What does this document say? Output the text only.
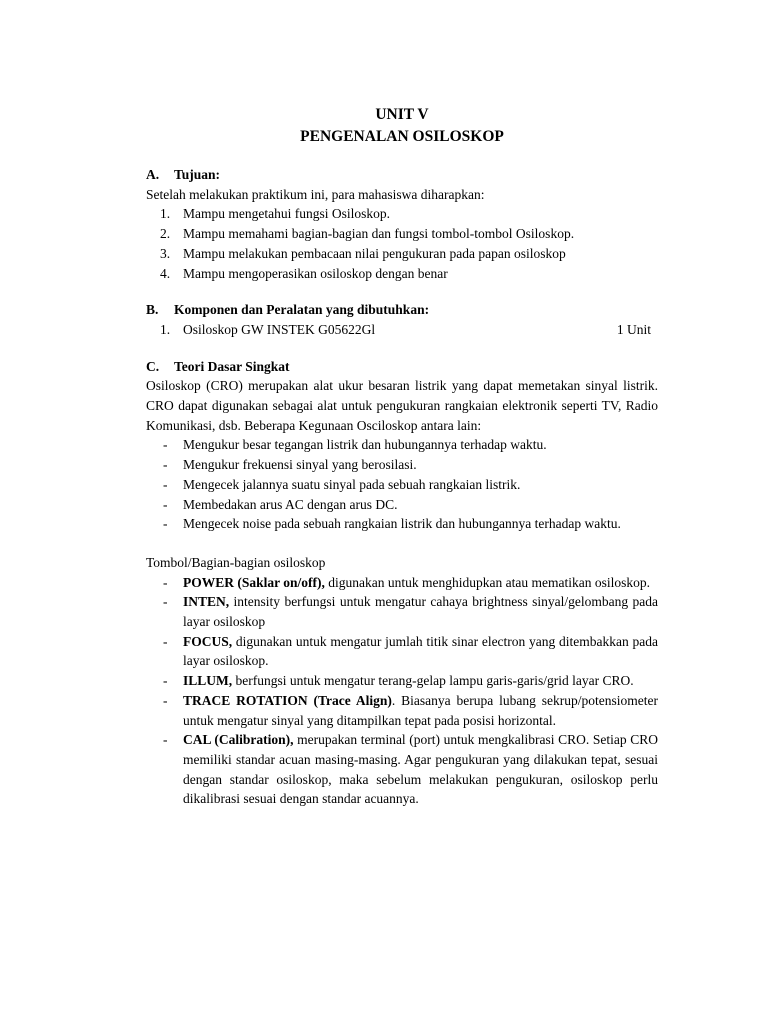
UNIT V
PENGENALAN OSILOSKOP
A. Tujuan:
Setelah melakukan praktikum ini, para mahasiswa diharapkan:
1. Mampu mengetahui fungsi Osiloskop.
2. Mampu memahami bagian-bagian dan fungsi tombol-tombol Osiloskop.
3. Mampu melakukan pembacaan nilai pengukuran pada papan osiloskop
4. Mampu mengoperasikan osiloskop dengan benar
B. Komponen dan Peralatan yang dibutuhkan:
1. Osiloskop GW INSTEK G05622Gl	1 Unit
C. Teori Dasar Singkat
Osiloskop (CRO) merupakan alat ukur besaran listrik yang dapat memetakan sinyal listrik. CRO dapat digunakan sebagai alat untuk pengukuran rangkaian elektronik seperti TV, Radio Komunikasi, dsb. Beberapa Kegunaan Osciloskop antara lain:
- Mengukur besar tegangan listrik dan hubungannya terhadap waktu.
- Mengukur frekuensi sinyal yang berosilasi.
- Mengecek jalannya suatu sinyal pada sebuah rangkaian listrik.
- Membedakan arus AC dengan arus DC.
- Mengecek noise pada sebuah rangkaian listrik dan hubungannya terhadap waktu.
Tombol/Bagian-bagian osiloskop
- POWER (Saklar on/off), digunakan untuk menghidupkan atau mematikan osiloskop.
- INTEN, intensity berfungsi untuk mengatur cahaya brightness sinyal/gelombang pada layar osiloskop
- FOCUS, digunakan untuk mengatur jumlah titik sinar electron yang ditembakkan pada layar osiloskop.
- ILLUM, berfungsi untuk mengatur terang-gelap lampu garis-garis/grid layar CRO.
- TRACE ROTATION (Trace Align). Biasanya berupa lubang sekrup/potensiometer untuk mengatur sinyal yang ditampilkan tepat pada posisi horizontal.
- CAL (Calibration), merupakan terminal (port) untuk mengkalibrasi CRO. Setiap CRO memiliki standar acuan masing-masing. Agar pengukuran yang dilakukan tepat, sesuai dengan standar osiloskop, maka sebelum melakukan pengukuran, osiloskop perlu dikalibrasi sesuai dengan standar acuannya.
